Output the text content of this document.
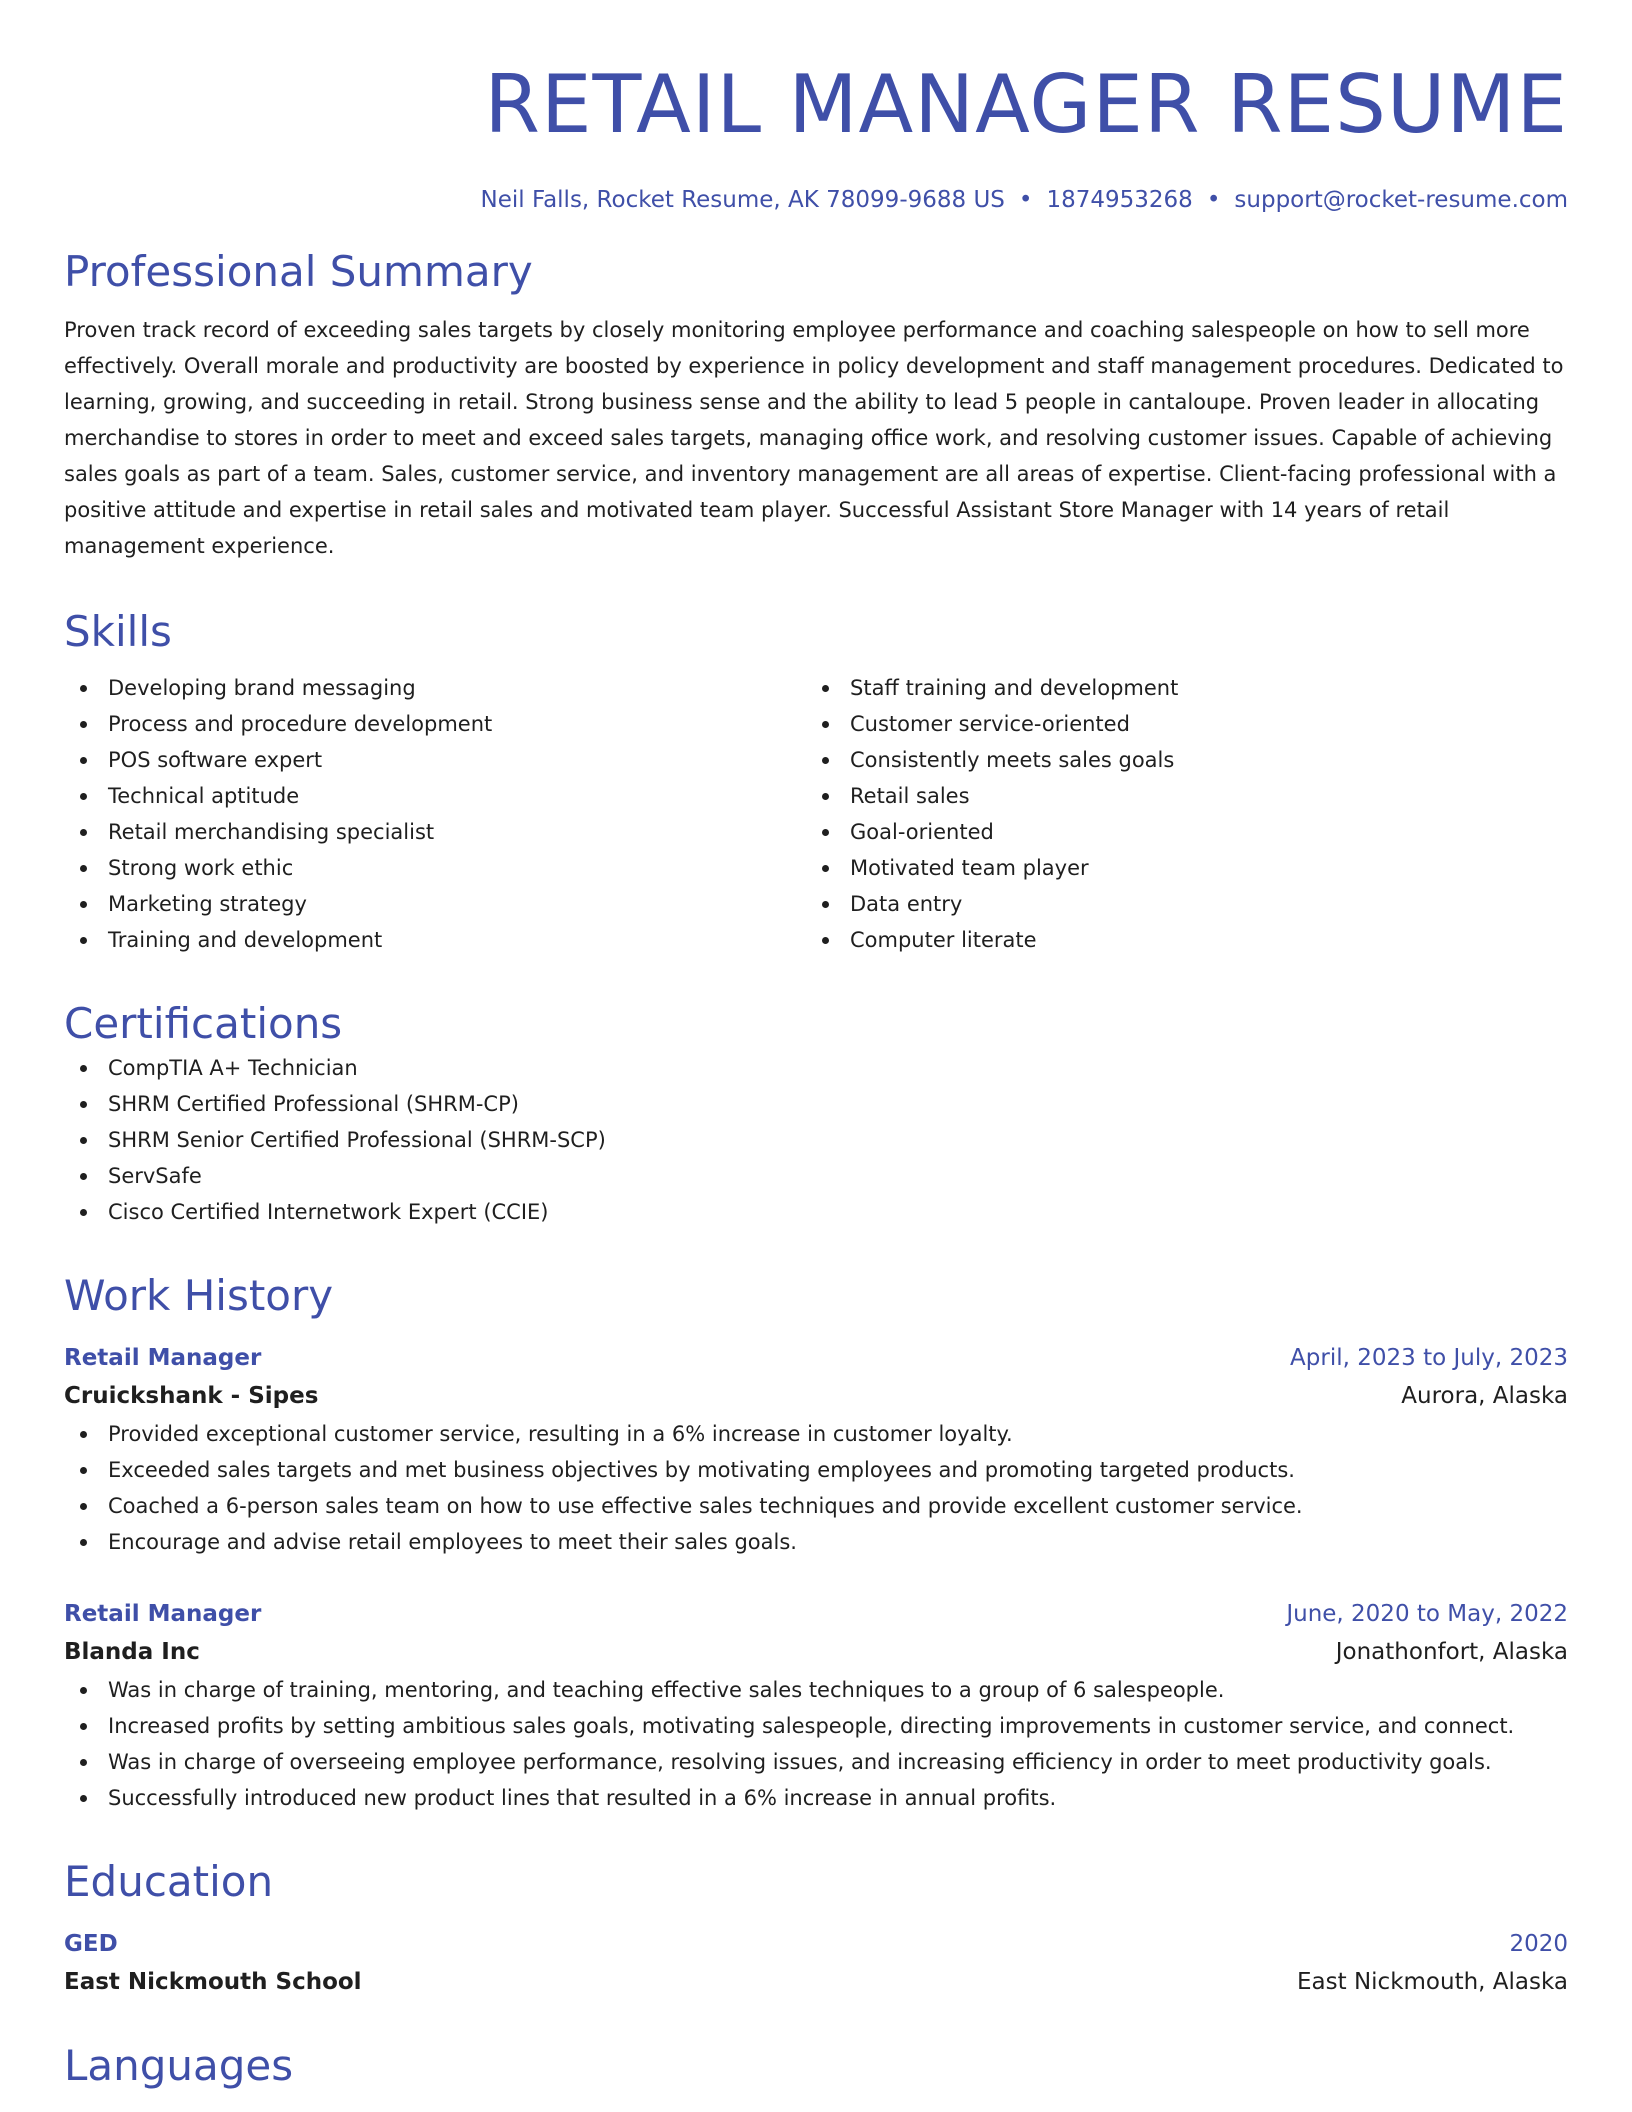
RETAIL MANAGER RESUME
Neil Falls, Rocket Resume, AK 78099-9688 US • 1874953268 • support@rocket-resume.com
Professional Summary
Proven track record of exceeding sales targets by closely monitoring employee performance and coaching salespeople on how to sell more effectively. Overall morale and productivity are boosted by experience in policy development and staff management procedures. Dedicated to learning, growing, and succeeding in retail. Strong business sense and the ability to lead 5 people in cantaloupe. Proven leader in allocating merchandise to stores in order to meet and exceed sales targets, managing office work, and resolving customer issues. Capable of achieving sales goals as part of a team. Sales, customer service, and inventory management are all areas of expertise. Client-facing professional with a positive attitude and expertise in retail sales and motivated team player. Successful Assistant Store Manager with 14 years of retail management experience.
Skills
Developing brand messaging
Process and procedure development
POS software expert
Technical aptitude
Retail merchandising specialist
Strong work ethic
Marketing strategy
Training and development
Staff training and development
Customer service-oriented
Consistently meets sales goals
Retail sales
Goal-oriented
Motivated team player
Data entry
Computer literate
Certifications
CompTIA A+ Technician
SHRM Certified Professional (SHRM-CP)
SHRM Senior Certified Professional (SHRM-SCP)
ServSafe
Cisco Certified Internetwork Expert (CCIE)
Work History
Retail Manager	April, 2023 to July, 2023
Cruickshank - Sipes	Aurora, Alaska
Provided exceptional customer service, resulting in a 6% increase in customer loyalty.
Exceeded sales targets and met business objectives by motivating employees and promoting targeted products.
Coached a 6-person sales team on how to use effective sales techniques and provide excellent customer service.
Encourage and advise retail employees to meet their sales goals.
Retail Manager	June, 2020 to May, 2022
Blanda Inc	Jonathonfort, Alaska
Was in charge of training, mentoring, and teaching effective sales techniques to a group of 6 salespeople.
Increased profits by setting ambitious sales goals, motivating salespeople, directing improvements in customer service, and connect.
Was in charge of overseeing employee performance, resolving issues, and increasing efficiency in order to meet productivity goals.
Successfully introduced new product lines that resulted in a 6% increase in annual profits.
Education
GED	2020
East Nickmouth School	East Nickmouth, Alaska
Languages
